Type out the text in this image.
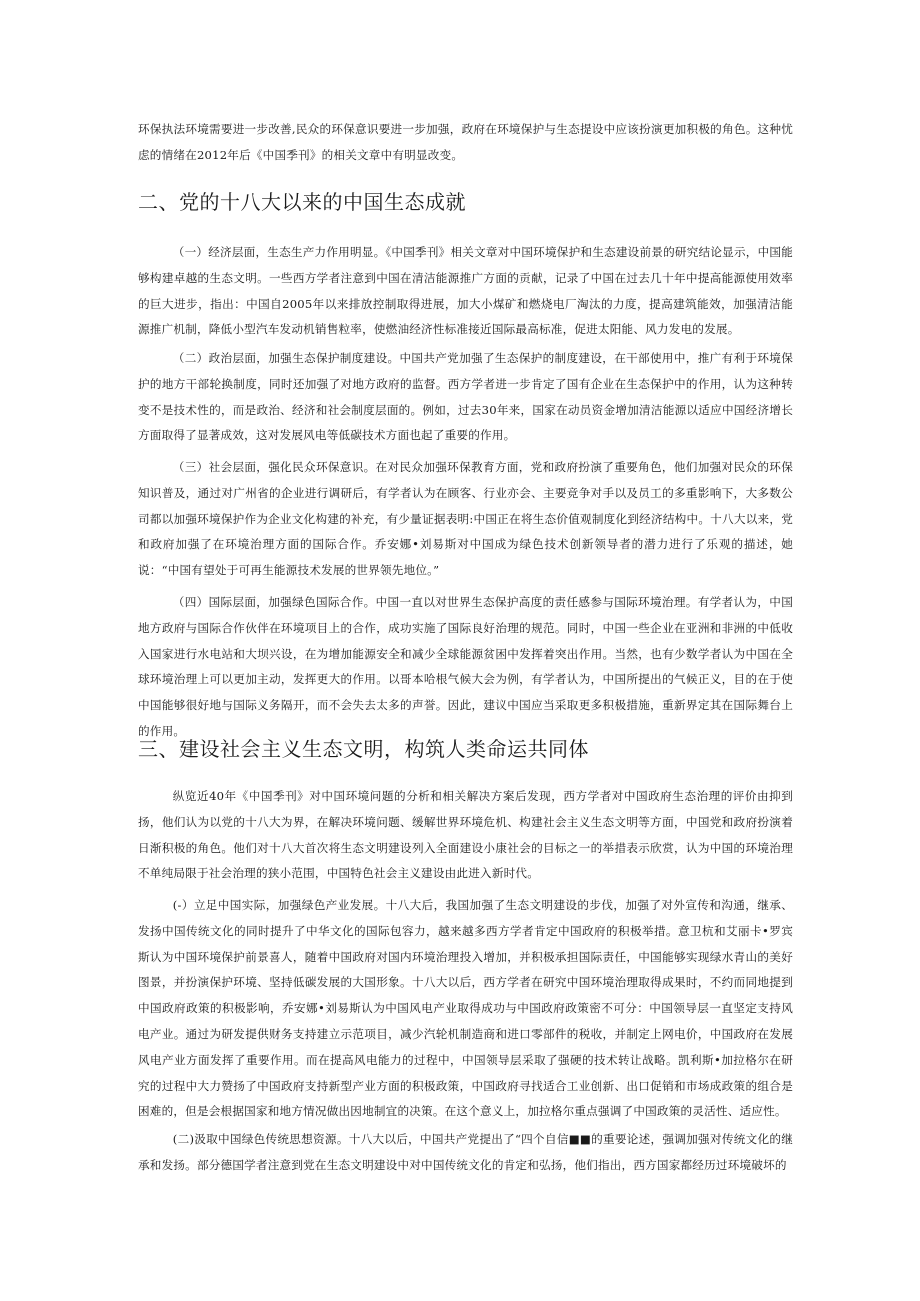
环保执法环境需要进一步改善,民众的环保意识要进一步加强，政府在环境保护与生态提设中应该扮演更加积极的角色。这种忧虑的情绪在2012年后《中国季刊》的相关文章中有明显改变。

二、党的十八大以来的中国生态成就

（一）经济层面，生态生产力作用明显。《中国季刊》相关文章对中国环境保护和生态建设前景的研究结论显示，中国能够构建卓越的生态文明。一些西方学者注意到中国在清洁能源推广方面的贡献，记录了中国在过去几十年中提高能源使用效率的巨大进步，指出：中国自2005年以来排放控制取得进展，加大小煤矿和燃烧电厂淘汰的力度，提高建筑能效，加强清洁能源推广机制，降低小型汽车发动机销售粒率，使燃油经济性标准接近国际最高标准，促进太阳能、风力发电的发展。

（二）政治层面，加强生态保护制度建设。中国共产党加强了生态保护的制度建设，在干部使用中，推广有利于环境保护的地方干部轮换制度，同时还加强了对地方政府的监督。西方学者进一步肯定了国有企业在生态保护中的作用，认为这种转变不是技术性的，而是政治、经济和社会制度层面的。例如，过去30年来，国家在动员资金增加清洁能源以适应中国经济增长方面取得了显著成效，这对发展风电等低碳技术方面也起了重要的作用。

（三）社会层面，强化民众环保意识。在对民众加强环保教育方面，党和政府扮演了重要角色，他们加强对民众的环保知识普及，通过对广州省的企业进行调研后，有学者认为在顾客、行业亦会、主要竞争对手以及员工的多重影响下，大多数公司都以加强环境保护作为企业文化构建的补充，有少量证据表明:中国正在将生态价值观制度化到经济结构中。十八大以来，党和政府加强了在环境治理方面的国际合作。乔安娜•刘易斯对中国成为绿色技术创新领导者的潜力进行了乐观的描述，她说：“中国有望处于可再生能源技术发展的世界领先地位。”

（四）国际层面，加强绿色国际合作。中国一直以对世界生态保护高度的责任感参与国际环境治理。有学者认为，中国地方政府与国际合作伙伴在环境项目上的合作，成功实施了国际良好治理的规范。同时，中国一些企业在亚洲和非洲的中低收入国家进行水电站和大坝兴设，在为增加能源安全和减少全球能源贫困中发挥着突出作用。当然，也有少数学者认为中国在全球环境治理上可以更加主动，发挥更大的作用。以哥本哈根气候大会为例，有学者认为，中国所提出的气候正义，目的在于使中国能够很好地与国际义务隔开，而不会失去太多的声誉。因此，建议中国应当采取更多积极措施，重新界定其在国际舞台上的作用。

三、建设社会主义生态文明，构筑人类命运共同体

纵览近40年《中国季刊》对中国环境问题的分析和相关解决方案后发现，西方学者对中国政府生态治理的评价由抑到扬，他们认为以党的十八大为界，在解决环境问题、缓解世界环境危机、构建社会主义生态文明等方面，中国党和政府扮演着日渐积极的角色。他们对十八大首次将生态文明建设列入全面建设小康社会的目标之一的举措表示欣赏，认为中国的环境治理不单纯局限于社会治理的狭小范围，中国特色社会主义建设由此进入新时代。

(-）立足中国实际，加强绿色产业发展。十八大后，我国加强了生态文明建设的步伐，加强了对外宣传和沟通，继承、发扬中国传统文化的同时提升了中华文化的国际包容力，越来越多西方学者肯定中国政府的积极举措。意卫杭和艾丽卡•罗宾斯认为中国环境保护前景喜人，随着中国政府对国内环境治理投入增加，并积极承担国际责任，中国能够实现绿水青山的美好图景，并扮演保护环境、坚持低碳发展的大国形象。十八大以后，西方学者在研究中国环境治理取得成果时，不约而同地提到中国政府政策的积极影响，乔安娜•刘易斯认为中国风电产业取得成功与中国政府政策密不可分：中国领导层一直坚定支持风电产业。通过为研发提供财务支持建立示范项目，减少汽轮机制造商和进口零部件的税收，并制定上网电价，中国政府在发展风电产业方面发挥了重要作用。而在提高风电能力的过程中，中国领导层采取了强硬的技术转让战略。凯利斯•加拉格尔在研究的过程中大力赞扬了中国政府支持新型产业方面的积极政策，中国政府寻找适合工业创新、出口促销和市场成政策的组合是困难的，但是会根据国家和地方情况做出因地制宜的决策。在这个意义上，加拉格尔重点强调了中国政策的灵活性、适应性。

(二)汲取中国绿色传统思想资源。十八大以后，中国共产党提出了“四个自信■■的重要论述，强调加强对传统文化的继承和发扬。部分德国学者注意到党在生态文明建设中对中国传统文化的肯定和弘扬，他们指出，西方国家都经历过环境破坏的
